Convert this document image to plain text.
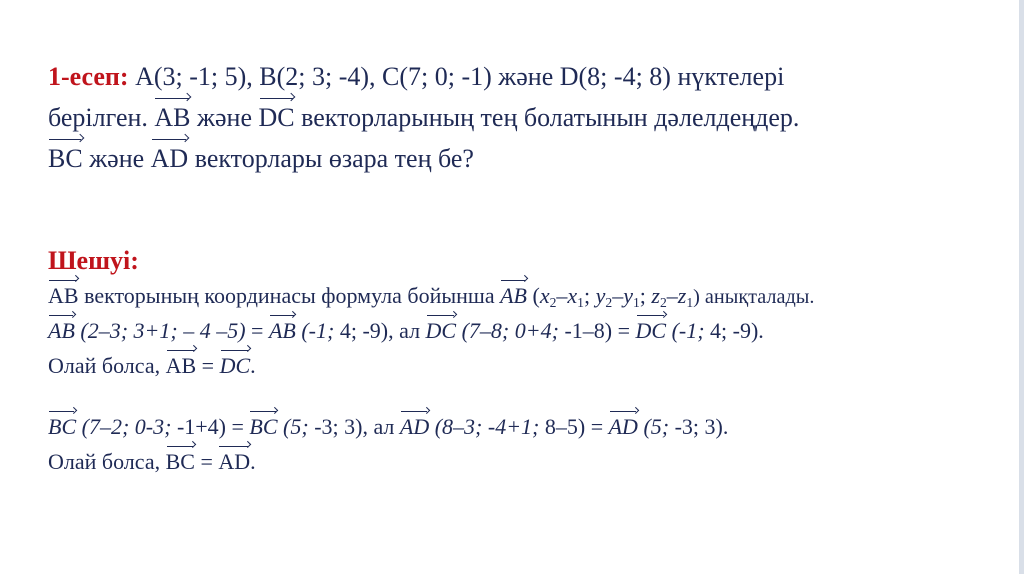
1-есеп: A(3; -1; 5), B(2; 3; -4), C(7; 0; -1) және D(8; -4; 8) нүктелері
берілген. AB және DC векторларының тең болатынын дәлелдеңдер.
BC және AD векторлары өзара тең бе?
Шешуі:
AB векторының координасы формула бойынша AB ($x_2-x_1$; $y_2-y_1$; $z_2-z_1$) анықталады.
AB (2–3; 3+1; – 4 –5) = AB (-1; 4; -9), ал DC (7–8; 0+4; -1–8) = DC (-1; 4; -9).
Олай болса, AB = DC.
BC (7–2; 0-3; -1+4) = BC (5; -3; 3), ал AD (8–3; -4+1; 8–5) = AD (5; -3; 3).
Олай болса, BC = AD.
